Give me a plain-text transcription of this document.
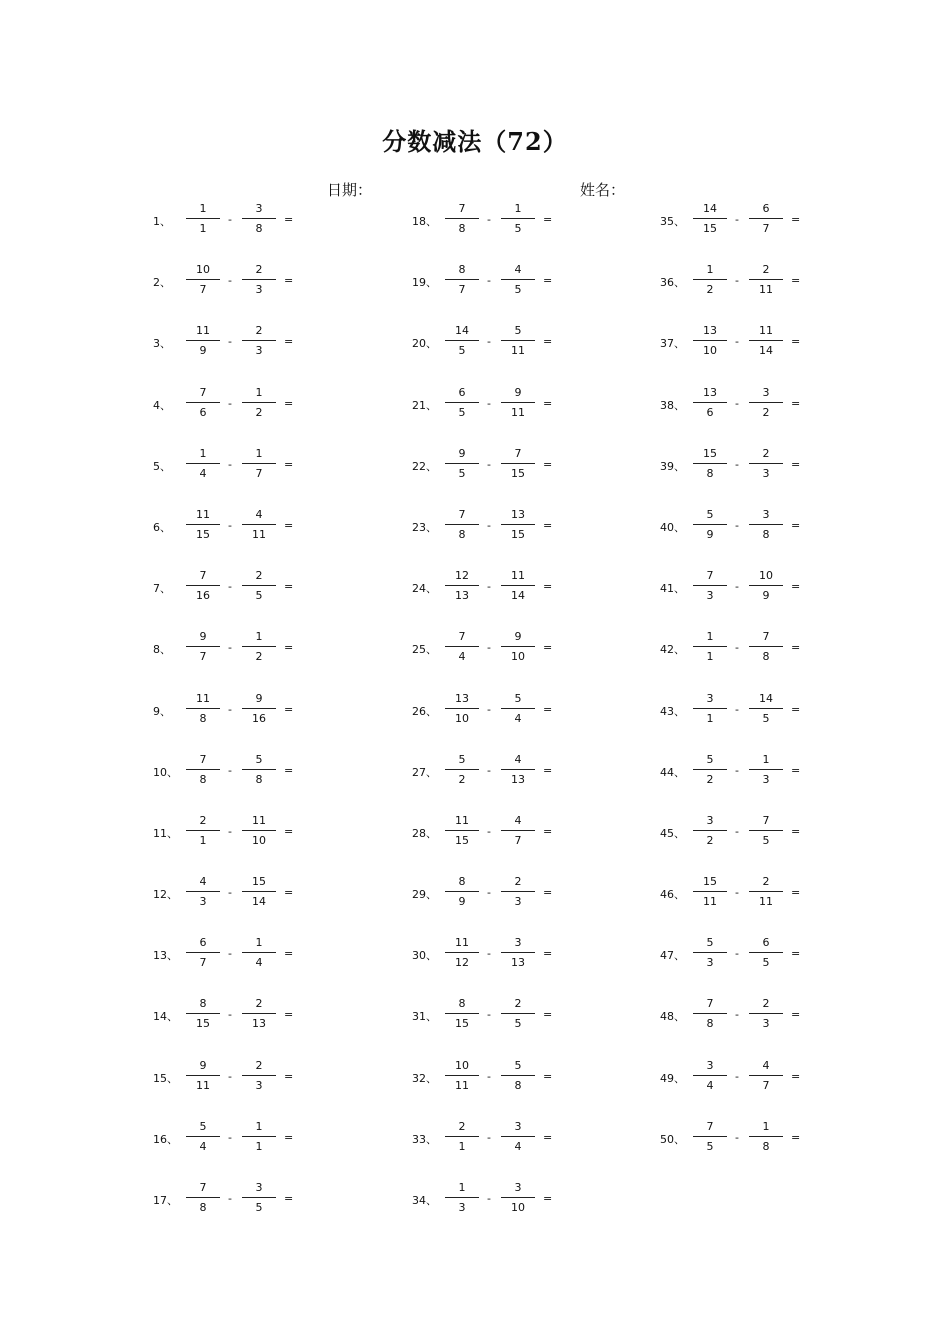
分数减法（72）
日期：	姓名：
1、
1
1
-
3
8
=
2、
10
7
-
2
3
=
3、
11
9
-
2
3
=
4、
7
6
-
1
2
=
5、
1
4
-
1
7
=
6、
11
15
-
4
11
=
7、
7
16
-
2
5
=
8、
9
7
-
1
2
=
9、
11
8
-
9
16
=
10、
7
8
-
5
8
=
11、
2
1
-
11
10
=
12、
4
3
-
15
14
=
13、
6
7
-
1
4
=
14、
8
15
-
2
13
=
15、
9
11
-
2
3
=
16、
5
4
-
1
1
=
17、
7
8
-
3
5
=
18、
7
8
-
1
5
=
19、
8
7
-
4
5
=
20、
14
5
-
5
11
=
21、
6
5
-
9
11
=
22、
9
5
-
7
15
=
23、
7
8
-
13
15
=
24、
12
13
-
11
14
=
25、
7
4
-
9
10
=
26、
13
10
-
5
4
=
27、
5
2
-
4
13
=
28、
11
15
-
4
7
=
29、
8
9
-
2
3
=
30、
11
12
-
3
13
=
31、
8
15
-
2
5
=
32、
10
11
-
5
8
=
33、
2
1
-
3
4
=
34、
1
3
-
3
10
=
35、
14
15
-
6
7
=
36、
1
2
-
2
11
=
37、
13
10
-
11
14
=
38、
13
6
-
3
2
=
39、
15
8
-
2
3
=
40、
5
9
-
3
8
=
41、
7
3
-
10
9
=
42、
1
1
-
7
8
=
43、
3
1
-
14
5
=
44、
5
2
-
1
3
=
45、
3
2
-
7
5
=
46、
15
11
-
2
11
=
47、
5
3
-
6
5
=
48、
7
8
-
2
3
=
49、
3
4
-
4
7
=
50、
7
5
-
1
8
=
